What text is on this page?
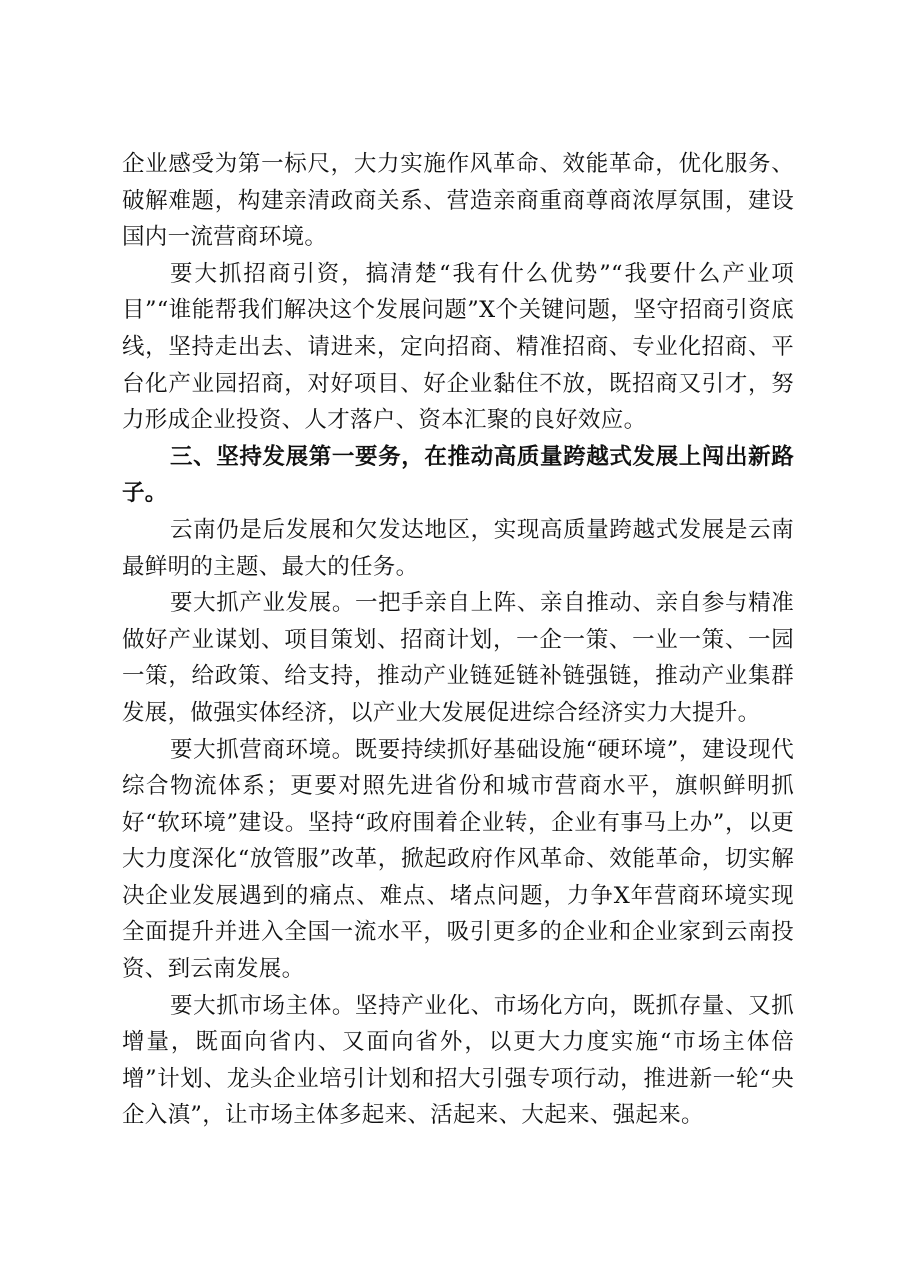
企业感受为第一标尺，大力实施作风革命、效能革命，优化服务、破解难题，构建亲清政商关系、营造亲商重商尊商浓厚氛围，建设国内一流营商环境。

要大抓招商引资，搞清楚“我有什么优势”“我要什么产业项目”“谁能帮我们解决这个发展问题”X个关键问题，坚守招商引资底线，坚持走出去、请进来，定向招商、精准招商、专业化招商、平台化产业园招商，对好项目、好企业黏住不放，既招商又引才，努力形成企业投资、人才落户、资本汇聚的良好效应。

三、坚持发展第一要务，在推动高质量跨越式发展上闯出新路子。

云南仍是后发展和欠发达地区，实现高质量跨越式发展是云南最鲜明的主题、最大的任务。

要大抓产业发展。一把手亲自上阵、亲自推动、亲自参与精准做好产业谋划、项目策划、招商计划，一企一策、一业一策、一园一策，给政策、给支持，推动产业链延链补链强链，推动产业集群发展，做强实体经济，以产业大发展促进综合经济实力大提升。

要大抓营商环境。既要持续抓好基础设施“硬环境”，建设现代综合物流体系；更要对照先进省份和城市营商水平，旗帜鲜明抓好“软环境”建设。坚持“政府围着企业转，企业有事马上办”，以更大力度深化“放管服”改革，掀起政府作风革命、效能革命，切实解决企业发展遇到的痛点、难点、堵点问题，力争X年营商环境实现全面提升并进入全国一流水平，吸引更多的企业和企业家到云南投资、到云南发展。

要大抓市场主体。坚持产业化、市场化方向，既抓存量、又抓增量，既面向省内、又面向省外，以更大力度实施“市场主体倍增”计划、龙头企业培引计划和招大引强专项行动，推进新一轮“央企入滇”，让市场主体多起来、活起来、大起来、强起来。
